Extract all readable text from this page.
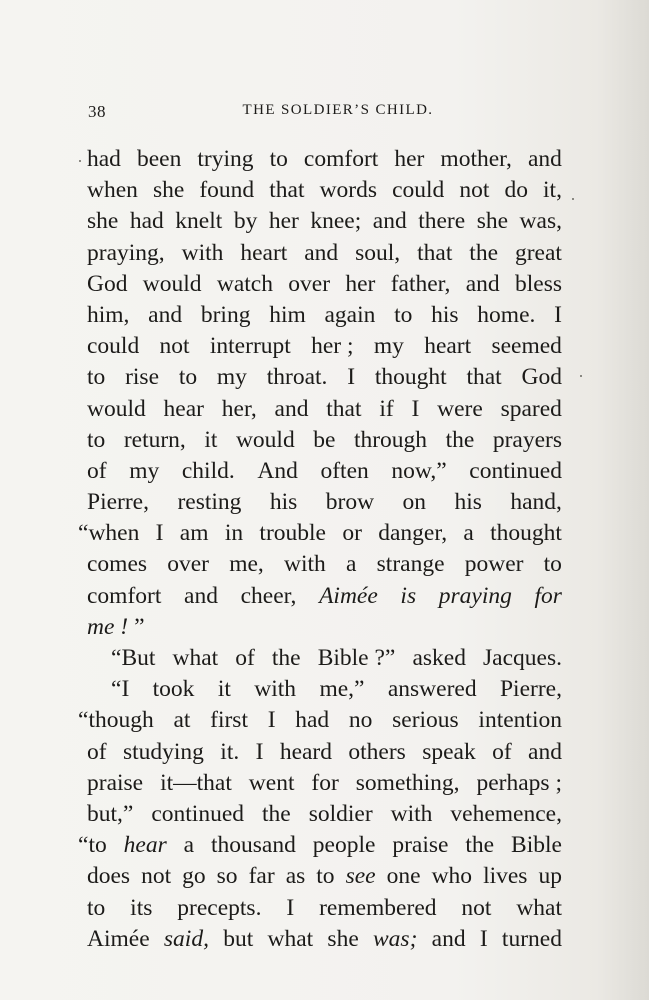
38	THE SOLDIER’S CHILD.
had been trying to comfort her mother, and
when she found that words could not do it,
she had knelt by her knee; and there she was,
praying, with heart and soul, that the great
God would watch over her father, and bless
him, and bring him again to his home. I
could not interrupt her ; my heart seemed
to rise to my throat. I thought that God
would hear her, and that if I were spared
to return, it would be through the prayers
of my child. And often now,” continued
Pierre, resting his brow on his hand,
“when I am in trouble or danger, a thought
comes over me, with a strange power to
comfort and cheer, Aimée is praying for
me ! ”
“But what of the Bible ?” asked Jacques.
“I took it with me,” answered Pierre,
“though at first I had no serious intention
of studying it. I heard others speak of and
praise it—that went for something, perhaps ;
but,” continued the soldier with vehemence,
“to hear a thousand people praise the Bible
does not go so far as to see one who lives up
to its precepts. I remembered not what
Aimée said, but what she was; and I turned
